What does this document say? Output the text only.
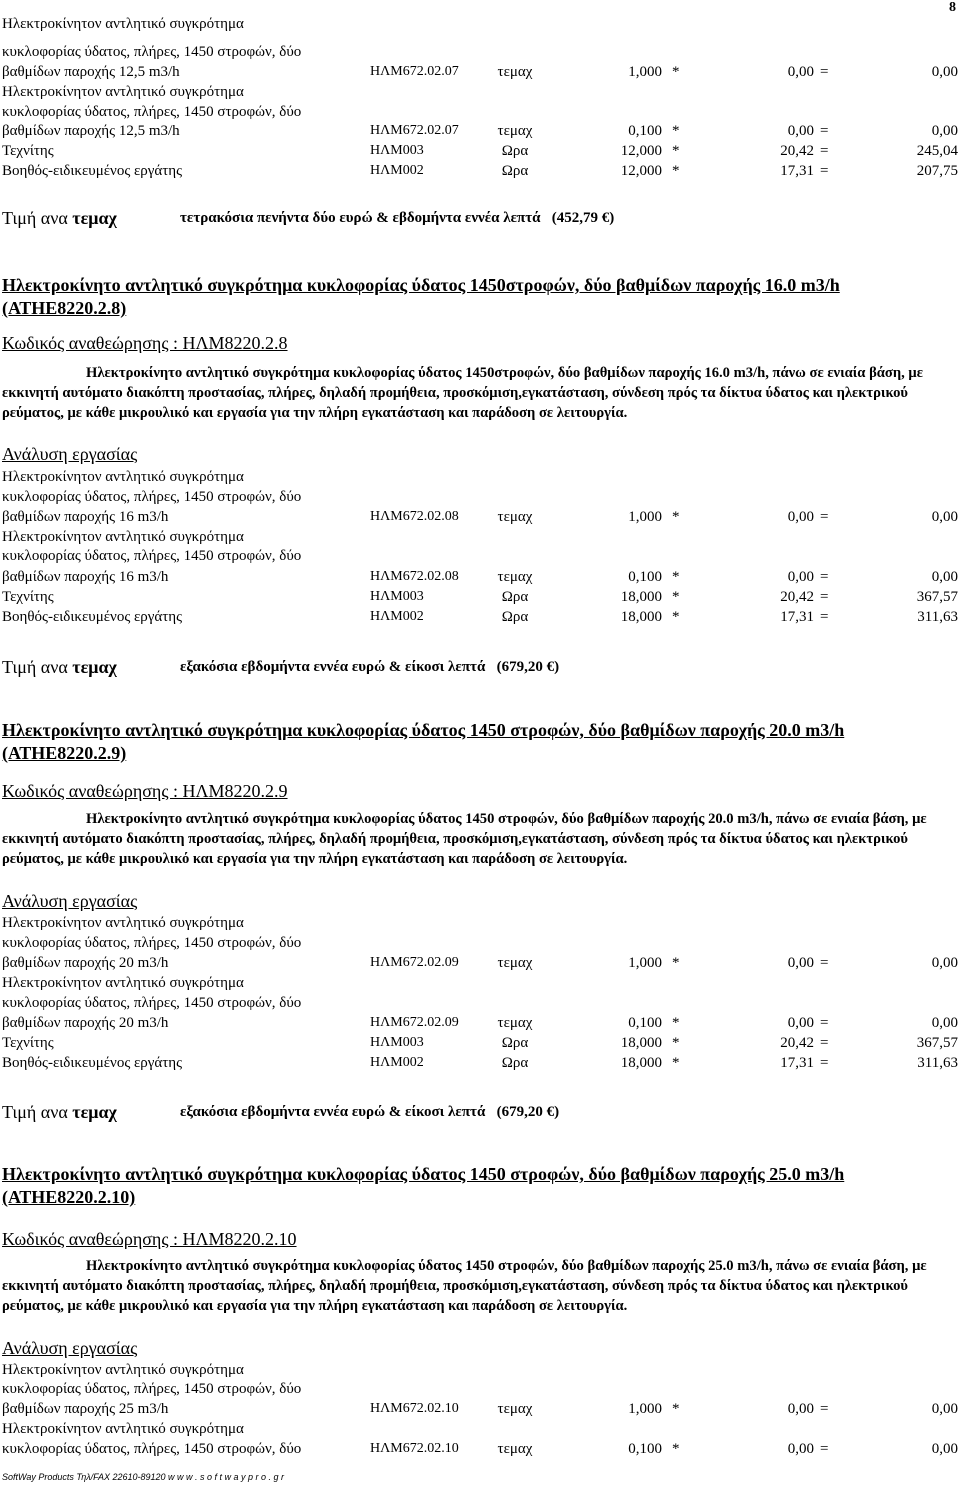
8
Ηλεκτροκίνητον αντλητικό συγκρότημα
κυκλοφορίας ύδατος, πλήρες, 1450 στροφών, δύο
βαθμίδων παροχής 12,5 m3/h	ΗΛΜ672.02.07	τεμαχ	1,000 *	0,00 =	0,00
Ηλεκτροκίνητον αντλητικό συγκρότημα
κυκλοφορίας ύδατος, πλήρες, 1450 στροφών, δύο
βαθμίδων παροχής 12,5 m3/h	ΗΛΜ672.02.07	τεμαχ	0,100 *	0,00 =	0,00
Τεχνίτης	ΗΛΜ003	Ωρα	12,000 *	20,42 =	245,04
Βοηθός-ειδικευμένος εργάτης	ΗΛΜ002	Ωρα	12,000 *	17,31 =	207,75
Τιμή ανα τεμαχ	τετρακόσια πενήντα δύο ευρώ & εβδομήντα εννέα λεπτά (452,79 €)
Ηλεκτροκίνητο αντλητικό συγκρότημα κυκλοφορίας ύδατος 1450στροφών, δύο βαθμίδων παροχής 16.0 m3/h (ΑΤΗΕ8220.2.8)
Κωδικός αναθεώρησης : ΗΛΜ8220.2.8
Ηλεκτροκίνητο αντλητικό συγκρότημα κυκλοφορίας ύδατος 1450στροφών, δύο βαθμίδων παροχής 16.0 m3/h, πάνω σε ενιαία βάση, με εκκινητή αυτόματο διακόπτη προστασίας, πλήρες, δηλαδή προμήθεια, προσκόμιση,εγκατάσταση, σύνδεση πρός τα δίκτυα ύδατος και ηλεκτρικού ρεύματος, με κάθε μικρουλικό και εργασία για την πλήρη εγκατάσταση και παράδοση σε λειτουργία.
Ανάλυση εργασίας
Ηλεκτροκίνητον αντλητικό συγκρότημα
κυκλοφορίας ύδατος, πλήρες, 1450 στροφών, δύο
βαθμίδων παροχής 16 m3/h	ΗΛΜ672.02.08	τεμαχ	1,000 *	0,00 =	0,00
Ηλεκτροκίνητον αντλητικό συγκρότημα
κυκλοφορίας ύδατος, πλήρες, 1450 στροφών, δύο
βαθμίδων παροχής 16 m3/h	ΗΛΜ672.02.08	τεμαχ	0,100 *	0,00 =	0,00
Τεχνίτης	ΗΛΜ003	Ωρα	18,000 *	20,42 =	367,57
Βοηθός-ειδικευμένος εργάτης	ΗΛΜ002	Ωρα	18,000 *	17,31 =	311,63
Τιμή ανα τεμαχ	εξακόσια εβδομήντα εννέα ευρώ & είκοσι λεπτά (679,20 €)
Ηλεκτροκίνητο αντλητικό συγκρότημα κυκλοφορίας ύδατος 1450 στροφών, δύο βαθμίδων παροχής 20.0 m3/h (ΑΤΗΕ8220.2.9)
Κωδικός αναθεώρησης : ΗΛΜ8220.2.9
Ηλεκτροκίνητο αντλητικό συγκρότημα κυκλοφορίας ύδατος 1450 στροφών, δύο βαθμίδων παροχής 20.0 m3/h, πάνω σε ενιαία βάση, με εκκινητή αυτόματο διακόπτη προστασίας, πλήρες, δηλαδή προμήθεια, προσκόμιση,εγκατάσταση, σύνδεση πρός τα δίκτυα ύδατος και ηλεκτρικού ρεύματος, με κάθε μικρουλικό και εργασία για την πλήρη εγκατάσταση και παράδοση σε λειτουργία.
Ανάλυση εργασίας
Ηλεκτροκίνητον αντλητικό συγκρότημα
κυκλοφορίας ύδατος, πλήρες, 1450 στροφών, δύο
βαθμίδων παροχής 20 m3/h	ΗΛΜ672.02.09	τεμαχ	1,000 *	0,00 =	0,00
Ηλεκτροκίνητον αντλητικό συγκρότημα
κυκλοφορίας ύδατος, πλήρες, 1450 στροφών, δύο
βαθμίδων παροχής 20 m3/h	ΗΛΜ672.02.09	τεμαχ	0,100 *	0,00 =	0,00
Τεχνίτης	ΗΛΜ003	Ωρα	18,000 *	20,42 =	367,57
Βοηθός-ειδικευμένος εργάτης	ΗΛΜ002	Ωρα	18,000 *	17,31 =	311,63
Τιμή ανα τεμαχ	εξακόσια εβδομήντα εννέα ευρώ & είκοσι λεπτά (679,20 €)
Ηλεκτροκίνητο αντλητικό συγκρότημα κυκλοφορίας ύδατος 1450 στροφών, δύο βαθμίδων παροχής 25.0 m3/h (ΑΤΗΕ8220.2.10)
Κωδικός αναθεώρησης : ΗΛΜ8220.2.10
Ηλεκτροκίνητο αντλητικό συγκρότημα κυκλοφορίας ύδατος 1450 στροφών, δύο βαθμίδων παροχής 25.0 m3/h, πάνω σε ενιαία βάση, με εκκινητή αυτόματο διακόπτη προστασίας, πλήρες, δηλαδή προμήθεια, προσκόμιση,εγκατάσταση, σύνδεση πρός τα δίκτυα ύδατος και ηλεκτρικού ρεύματος, με κάθε μικρουλικό και εργασία για την πλήρη εγκατάσταση και παράδοση σε λειτουργία.
Ανάλυση εργασίας
Ηλεκτροκίνητον αντλητικό συγκρότημα
κυκλοφορίας ύδατος, πλήρες, 1450 στροφών, δύο
βαθμίδων παροχής 25 m3/h	ΗΛΜ672.02.10	τεμαχ	1,000 *	0,00 =	0,00
Ηλεκτροκίνητον αντλητικό συγκρότημα
κυκλοφορίας ύδατος, πλήρες, 1450 στροφών, δύο	ΗΛΜ672.02.10	τεμαχ	0,100 *	0,00 =	0,00
SoftWay Products Τηλ/FAX 22610-89120 w w w . s o f t w a y p r o . g r
